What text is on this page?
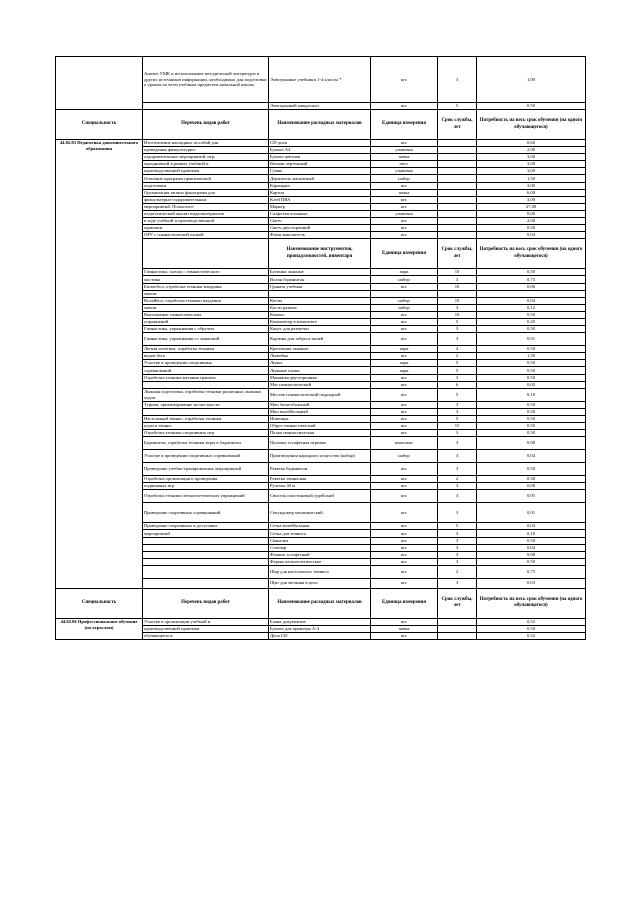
	Анализ УМК и использование методической литературы и других источников информации, необходимых для подготовки к урокам по всем учебным предметам начальной школы	Электронные учебники 1-4 классы *	шт.	3	1,00
		Электронный микроскоп	шт.	5	0,50
Специальность	Перечень видов работ	Наименование расходных материалов	Единица измерения	Срок службы, лет	Потребность на весь срок обучения (на одного обучающегося)
44.02.03 Педагогика дополнительного образования	Изготовление наглядных пособий для	CD-диск	шт.		0,60
	проведения физкультурно-	Бумага А4	упаковка		2,00
	оздоровительных мероприятий, игр,	Бумага цветная	пачка		3,00
	праздничной в рамках учебной и	Ватман чертежный	лист.		3,00
	производственной практики	Гуашь	упаковка		3,00
	Освоение программ практической	Держатель магнитный	набор		1,50
	подготовки	Карандаш	шт.		3,00
	Организация записи фонограмм для	Картон	пачка		6,00
	физкультурно-оздоровительных	Клей ПВА	шт.		3,00
	мероприятий. Психолого-	Маркер	шт.		27,00
	педагогический анализ видеоматериалов	Салфетки влажные	упаковка		8,00
	в ходе учебной и производственной	Скотч	шт.		2,00
	практики	Скотч двусторонний	шт.		0,50
	ОРУ с гимнастической палкой	Флеш-накопитель	шт.		0,04
		Наименование инструментов, принадлежностей, инвентаря	Единица измерения	Срок службы, лет	Потребность на весь срок обучения (на одного обучающегося)
	Гимнастика, скачок с гимнастического	Ботинки лыжные	пара	10	0,50
	мостика	Волан бадминтон	набор	3	0,75
	Баскетбол, отработка техники владения	Граната учебная	шт.	10	0,06
	мячом				
	Волейбол, отработка техники владения	Кеглы	набор	10	0,04
	мячом	Кости разные	набор	3	0,12
	Выполнение гимнастических	Компас	шт.	10	0,50
	упражнений	Компьютер в комплекте	шт.	5	0,20
	Гимнастика, упражнения с обручем	Конус для разметки	шт.	3	0,50
	Гимнастика, упражнения со скакалкой	Корзина для заброса мячей	шт.	3	0,01
	Легкая атлетика, отработка техники	Крепления лыжные	пара	4	0,50
	видов бега	Лыжейка	шт.	2	1,50
	Участие в проведении спортивных	Лыжи	пара	5	0,50
	соревнований	Лыжные палки	пара	5	0,50
	Отработка техники метания гранаты	Манишка двусторонняя	шт.	3	0,50
		Мат гимнастический	шт.	6	0,05
	Лыжная подготовка, отработка техники различных лыжных ходов	Мостик гимнастический подкидной	шт.	5	0,10
	Туризм, ориентирование на местности	Мяч баскетбольный	шт.	3	0,50
		Мяч волейбольный	шт.	3	0,50
	Настольный теннис, отработка техники	Номенцы	шт.	5	0,50
	игры в теннис	Обруч гимнастический	шт.	15	0,50
	Отработка техники спортивных игр	Палка гимнастическая	шт.	3	0,50
	Бадминтон, отработка техники игры в бадминтон	Палочка эстафетная игровая	комплект	3	0,08
	Участие в проведении спортивных соревнований	Произведения народного искусства (набор)	набор	3	0,04
	Проведение учебно-тренировочных мероприятий	Ракетка бадминтон	шт.	3	0,50
	Отработка организация и проведения	Ракетка теннисная	шт.	2	0,38
	подвижных игр	Рулетка 30 м	шт.	3	0,08
	Отработка техники легкоатлетических упражнений	Свисток пластиковый судейский	шт.	3	0,05
	Проведение спортивных соревнований	Секундомер механический	шт.	3	0,01
	Проведение спортивных и досуговых	Сетка волейбольная	шт.	5	0,04
	мероприятий	Сетка для тенниса	шт.	3	0,10
		Скакалка	шт.	3	0,50
		Степпер	шт.	3	0,04
		Флажок эстафетный	шт.	3	0,08
		Фермы легкоатлетические	шт.	3	0,50
		Шар для настольного тенниса	шт.	2	0,75
		Щит для метания в цель	шт.	3	0,03
Специальность	Перечень видов работ	Наименование расходных материалов	Единица измерения	Срок службы, лет	Потребность на весь срок обучения (на одного обучающегося)
44.02.06 Профессиональное обучение (по отраслям)	Участие в организации учебной и	Бланк документов	шт.		0,52
	производственной практики	Бумага для принтера А-4	пачка		0,50
	обучающегося	Диск CD	шт.		0,32
